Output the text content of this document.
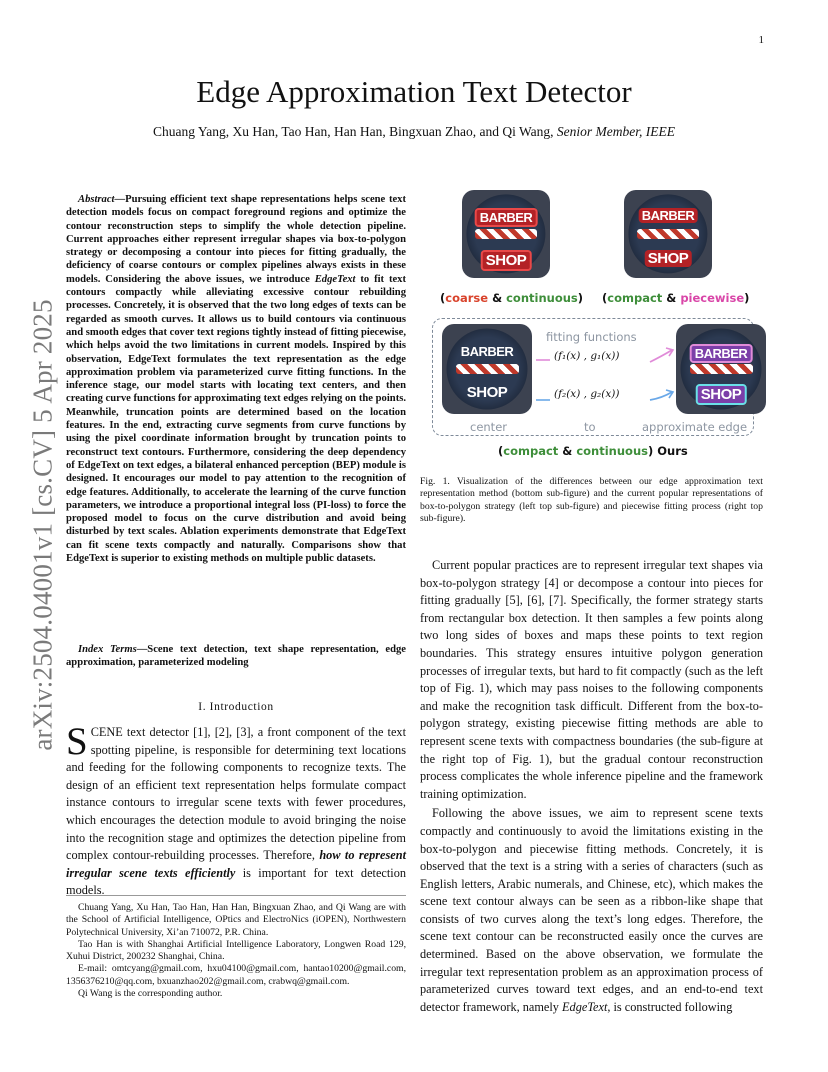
1
arXiv:2504.04001v1 [cs.CV] 5 Apr 2025
Edge Approximation Text Detector
Chuang Yang, Xu Han, Tao Han, Han Han, Bingxuan Zhao, and Qi Wang, Senior Member, IEEE
Abstract—Pursuing efficient text shape representations helps scene text detection models focus on compact foreground regions and optimize the contour reconstruction steps to simplify the whole detection pipeline. Current approaches either represent irregular shapes via box-to-polygon strategy or decomposing a contour into pieces for fitting gradually, the deficiency of coarse contours or complex pipelines always exists in these models. Considering the above issues, we introduce EdgeText to fit text contours compactly while alleviating excessive contour rebuilding processes. Concretely, it is observed that the two long edges of texts can be regarded as smooth curves. It allows us to build contours via continuous and smooth edges that cover text regions tightly instead of fitting piecewise, which helps avoid the two limitations in current models. Inspired by this observation, EdgeText formulates the text representation as the edge approximation problem via parameterized curve fitting functions. In the inference stage, our model starts with locating text centers, and then creating curve functions for approximating text edges relying on the points. Meanwhile, truncation points are determined based on the location features. In the end, extracting curve segments from curve functions by using the pixel coordinate information brought by truncation points to reconstruct text contours. Furthermore, considering the deep dependency of EdgeText on text edges, a bilateral enhanced perception (BEP) module is designed. It encourages our model to pay attention to the recognition of edge features. Additionally, to accelerate the learning of the curve function parameters, we introduce a proportional integral loss (PI-loss) to force the proposed model to focus on the curve distribution and avoid being disturbed by text scales. Ablation experiments demonstrate that EdgeText can fit scene texts compactly and naturally. Comparisons show that EdgeText is superior to existing methods on multiple public datasets.
Index Terms—Scene text detection, text shape representation, edge approximation, parameterized modeling
I. Introduction
SCENE text detector [1], [2], [3], a front component of the text spotting pipeline, is responsible for determining text locations and feeding for the following components to recognize texts. The design of an efficient text representation helps formulate compact instance contours to irregular scene texts with fewer procedures, which encourages the detection module to avoid bringing the noise into the recognition stage and optimizes the detection pipeline from complex contour-rebuilding processes. Therefore, how to represent irregular scene texts efficiently is important for text detection models.

Chuang Yang, Xu Han, Tao Han, Han Han, Bingxuan Zhao, and Qi Wang are with the School of Artificial Intelligence, OPtics and ElectroNics (iOPEN), Northwestern Polytechnical University, Xi’an 710072, P.R. China.

Tao Han is with Shanghai Artificial Intelligence Laboratory, Longwen Road 129, Xuhui District, 200232 Shanghai, China.

E-mail: omtcyang@gmail.com, hxu04100@gmail.com, hantao10200@gmail.com, 1356376210@qq.com, bxuanzhao202@gmail.com, crabwq@gmail.com.

Qi Wang is the corresponding author.

BARBER
SHOP
BARBER
SHOP
(coarse & continuous) (compact & piecewise)
BARBER
SHOP
BARBER
SHOP
fitting functions
(f₁(x) , g₁(x))
(f₂(x) , g₂(x))
center	to	approximate edge
(compact & continuous) Ours
Fig. 1. Visualization of the differences between our edge approximation text representation method (bottom sub-figure) and the current popular representations of box-to-polygon strategy (left top sub-figure) and piecewise fitting process (right top sub-figure).

Current popular practices are to represent irregular text shapes via box-to-polygon strategy [4] or decompose a contour into pieces for fitting gradually [5], [6], [7]. Specifically, the former strategy starts from rectangular box detection. It then samples a few points along two long sides of boxes and maps these points to text region boundaries. This strategy ensures intuitive polygon generation processes of irregular texts, but hard to fit compactly (such as the left top of Fig. 1), which may pass noises to the following components and make the recognition task difficult. Different from the box-to-polygon strategy, existing piecewise fitting methods are able to represent scene texts with compactness boundaries (the sub-figure at the right top of Fig. 1), but the gradual contour reconstruction process complicates the whole inference pipeline and the framework training optimization.

Following the above issues, we aim to represent scene texts compactly and continuously to avoid the limitations existing in the box-to-polygon and piecewise fitting methods. Concretely, it is observed that the text is a string with a series of characters (such as English letters, Arabic numerals, and Chinese, etc), which makes the scene text contour always can be seen as a ribbon-like shape that consists of two curves along the text’s long edges. Therefore, the scene text contour can be reconstructed easily once the curves are determined. Based on the above observation, we formulate the irregular text representation problem as an approximation process of parameterized curves toward text edges, and an end-to-end text detector framework, namely EdgeText, is constructed following
